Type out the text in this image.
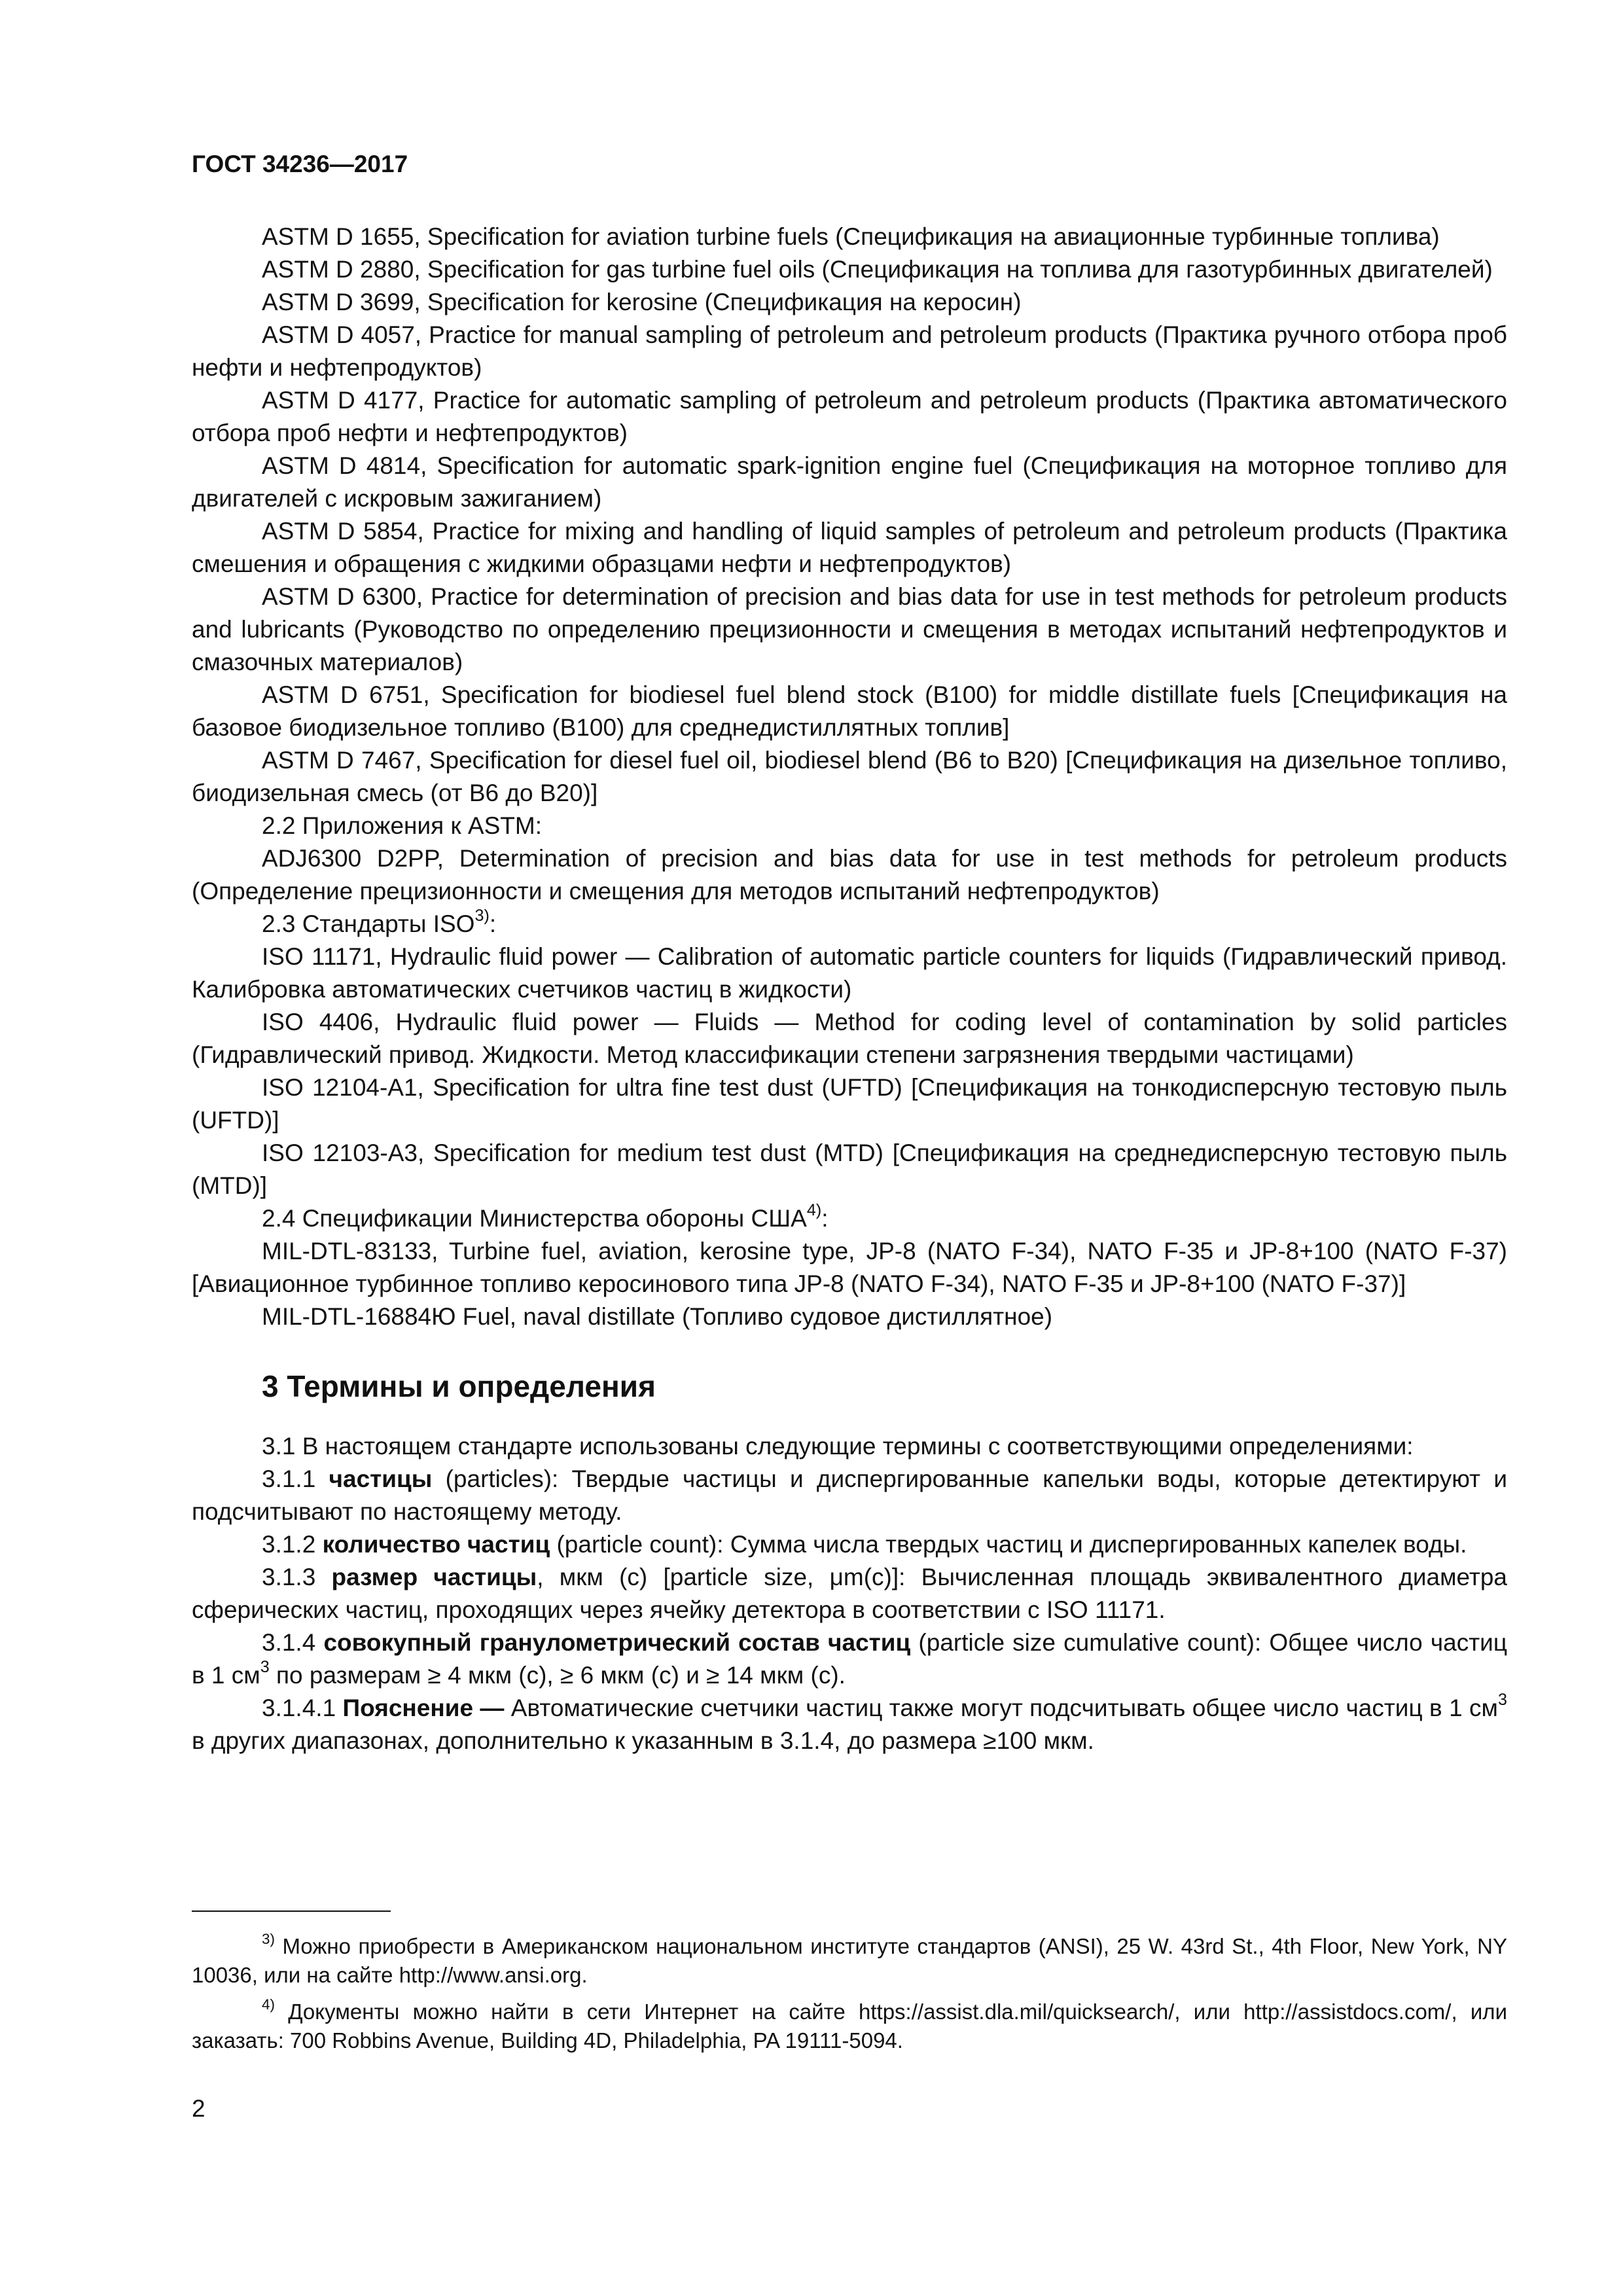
ГОСТ 34236—2017

ASTM D 1655, Specification for aviation turbine fuels (Спецификация на авиационные турбинные топлива)

ASTM D 2880, Specification for gas turbine fuel oils (Спецификация на топлива для газотурбинных двигателей)

ASTM D 3699, Specification for kerosine (Спецификация на керосин)

ASTM D 4057, Practice for manual sampling of petroleum and petroleum products (Практика ручного отбора проб нефти и нефтепродуктов)

ASTM D 4177, Practice for automatic sampling of petroleum and petroleum products (Практика автоматического отбора проб нефти и нефтепродуктов)

ASTM D 4814, Specification for automatic spark-ignition engine fuel (Спецификация на моторное топливо для двигателей с искровым зажиганием)

ASTM D 5854, Practice for mixing and handling of liquid samples of petroleum and petroleum products (Практика смешения и обращения с жидкими образцами нефти и нефтепродуктов)

ASTM D 6300, Practice for determination of precision and bias data for use in test methods for petroleum products and lubricants (Руководство по определению прецизионности и смещения в методах испытаний нефтепродуктов и смазочных материалов)

ASTM D 6751, Specification for biodiesel fuel blend stock (B100) for middle distillate fuels [Спецификация на базовое биодизельное топливо (B100) для среднедистиллятных топлив]

ASTM D 7467, Specification for diesel fuel oil, biodiesel blend (B6 to B20) [Спецификация на дизельное топливо, биодизельная смесь (от B6 до B20)]

2.2 Приложения к ASTM:

ADJ6300 D2PP, Determination of precision and bias data for use in test methods for petroleum products (Определение прецизионности и смещения для методов испытаний нефтепродуктов)

2.3 Стандарты ISO$^{3)}$:

ISO 11171, Hydraulic fluid power — Calibration of automatic particle counters for liquids (Гидравлический привод. Калибровка автоматических счетчиков частиц в жидкости)

ISO 4406, Hydraulic fluid power — Fluids — Method for coding level of contamination by solid particles (Гидравлический привод. Жидкости. Метод классификации степени загрязнения твердыми частицами)

ISO 12104-A1, Specification for ultra fine test dust (UFTD) [Спецификация на тонкодисперсную тестовую пыль (UFTD)]

ISO 12103-A3, Specification for medium test dust (MTD) [Спецификация на среднедисперсную тестовую пыль (MTD)]

2.4 Спецификации Министерства обороны США$^{4)}$:

MIL-DTL-83133, Turbine fuel, aviation, kerosine type, JP-8 (NATO F-34), NATO F-35 и JP-8+100 (NATO F-37) [Авиационное турбинное топливо керосинового типа JP-8 (NATO F-34), NATO F-35 и JP-8+100 (NATO F-37)]

MIL-DTL-16884Ю Fuel, naval distillate (Топливо судовое дистиллятное)

3 Термины и определения

3.1 В настоящем стандарте использованы следующие термины с соответствующими определениями:

3.1.1 частицы (particles): Твердые частицы и диспергированные капельки воды, которые детектируют и подсчитывают по настоящему методу.

3.1.2 количество частиц (particle count): Сумма числа твердых частиц и диспергированных капелек воды.

3.1.3 размер частицы, мкм (c) [particle size, μm(c)]: Вычисленная площадь эквивалентного диаметра сферических частиц, проходящих через ячейку детектора в соответствии с ISO 11171.

3.1.4 совокупный гранулометрический состав частиц (particle size cumulative count): Общее число частиц в 1 $см^3$ по размерам ≥ 4 мкм (c), ≥ 6 мкм (c) и ≥ 14 мкм (c).

3.1.4.1 Пояснение — Автоматические счетчики частиц также могут подсчитывать общее число частиц в 1 $см^3$ в других диапазонах, дополнительно к указанным в 3.1.4, до размера ≥100 мкм.

$^{3)}$ Можно приобрести в Американском национальном институте стандартов (ANSI), 25 W. 43rd St., 4th Floor, New York, NY 10036, или на сайте http://www.ansi.org.

$^{4)}$ Документы можно найти в сети Интернет на сайте https://assist.dla.mil/quicksearch/, или http://assistdocs.com/, или заказать: 700 Robbins Avenue, Building 4D, Philadelphia, PA 19111-5094.

2
